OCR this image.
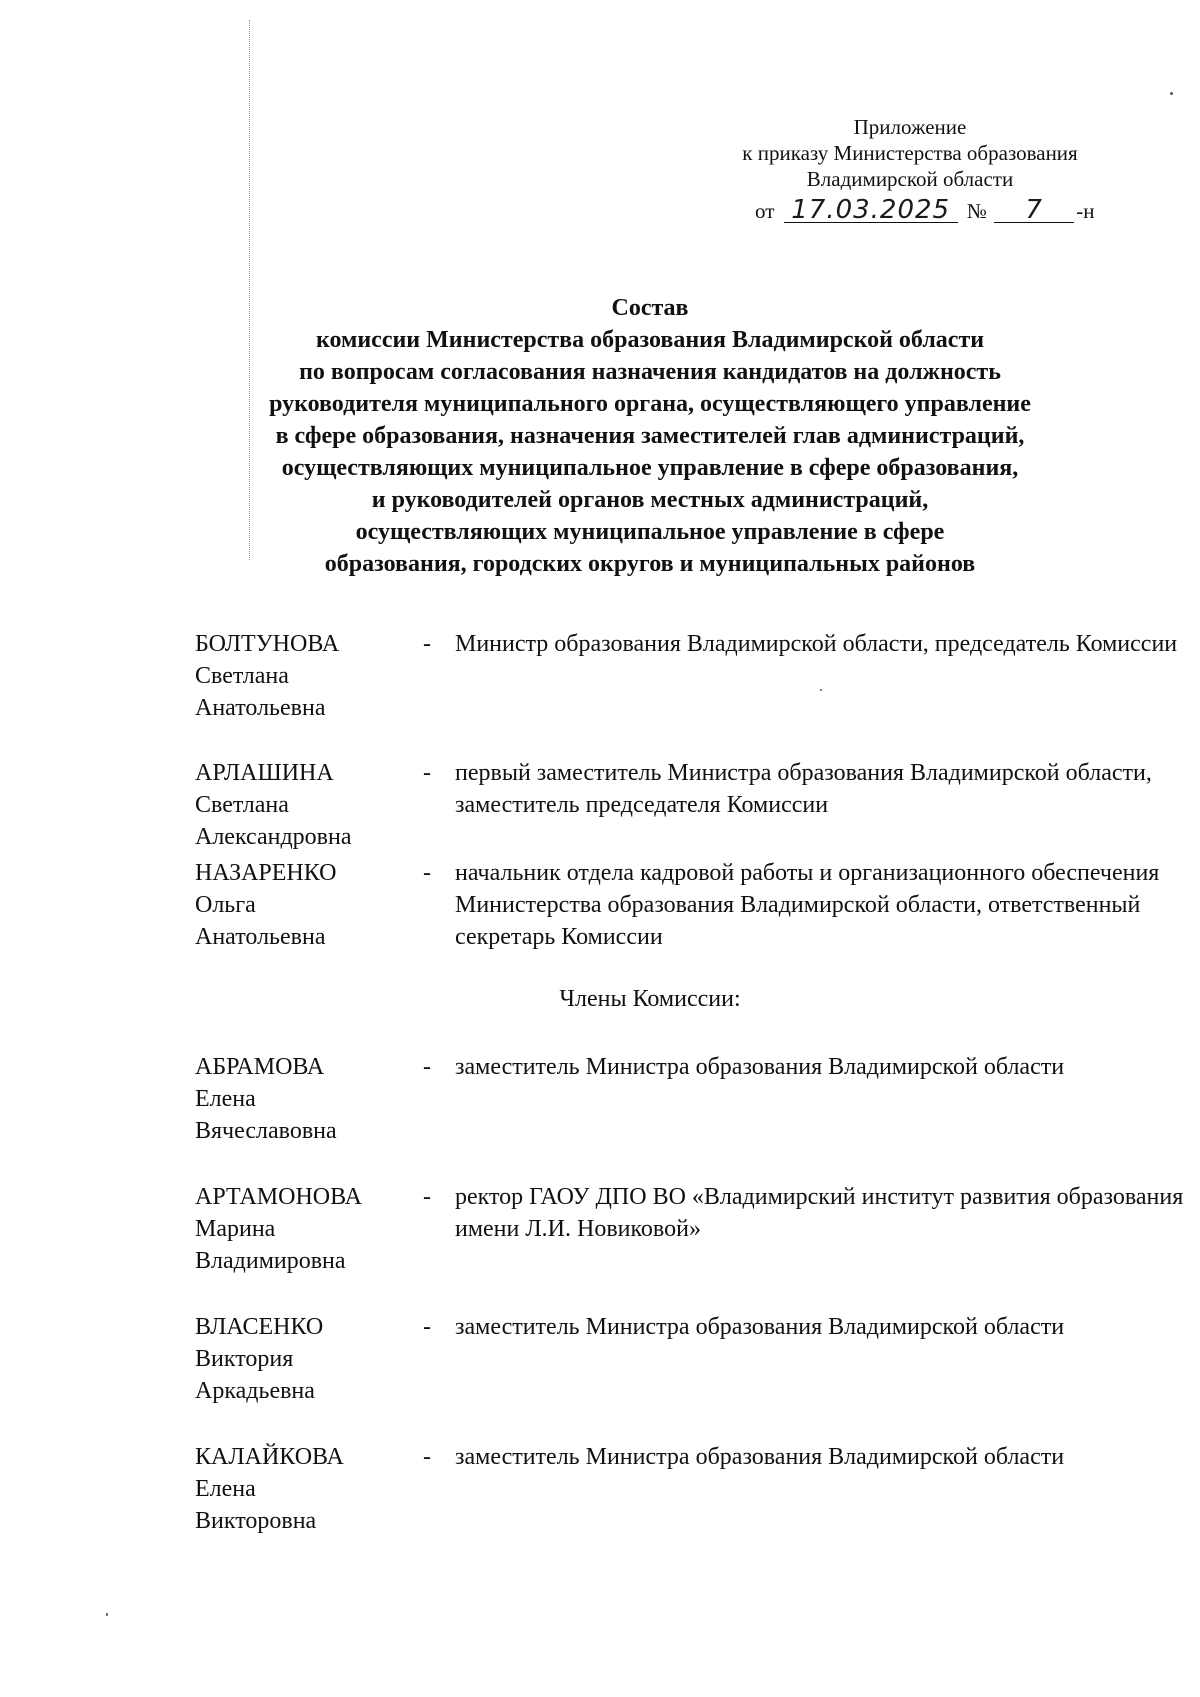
Приложение
к приказу Министерства образования
Владимирской области
от 17.03.2025 № 7 -н
Состав
комиссии Министерства образования Владимирской области
по вопросам согласования назначения кандидатов на должность
руководителя муниципального органа, осуществляющего управление
в сфере образования, назначения заместителей глав администраций,
осуществляющих муниципальное управление в сфере образования,
и руководителей органов местных администраций,
осуществляющих муниципальное управление в сфере
образования, городских округов и муниципальных районов
БОЛТУНОВА
Светлана
Анатольевна
- Министр образования Владимирской области, председатель Комиссии
АРЛАШИНА
Светлана
Александровна
- первый заместитель Министра образования Владимирской области, заместитель председателя Комиссии
НАЗАРЕНКО
Ольга
Анатольевна
- начальник отдела кадровой работы и организационного обеспечения Министерства образования Владимирской области, ответственный секретарь Комиссии
Члены Комиссии:
АБРАМОВА
Елена
Вячеславовна
- заместитель Министра образования Владимирской области
АРТАМОНОВА
Марина
Владимировна
- ректор ГАОУ ДПО ВО «Владимирский институт развития образования имени Л.И. Новиковой»
ВЛАСЕНКО
Виктория
Аркадьевна
- заместитель Министра образования Владимирской области
КАЛАЙКОВА
Елена
Викторовна
- заместитель Министра образования Владимирской области
